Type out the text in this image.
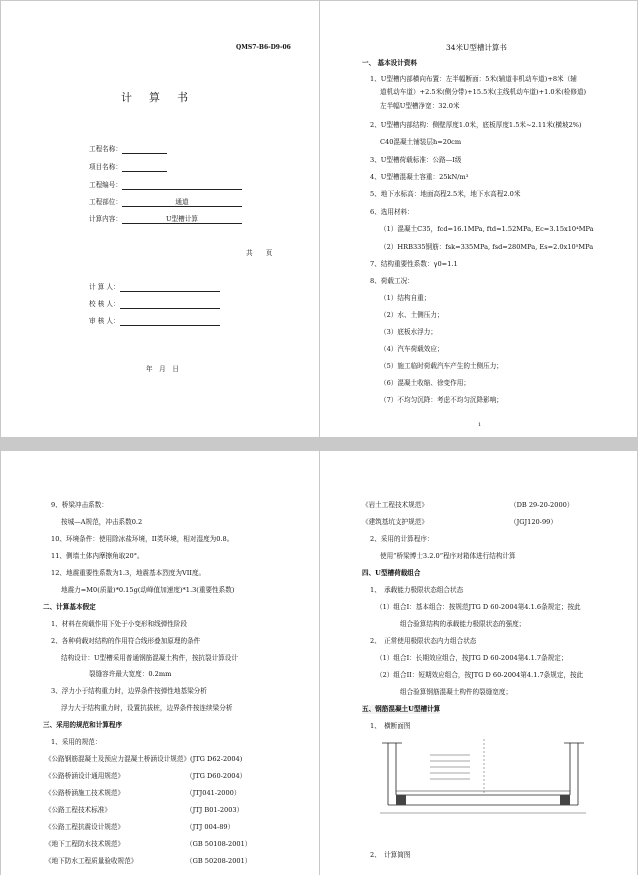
QMS7-B6-D9-06
计　算　书
工程名称：
项目名称：
工程编号：
工程部位：	通道
计算内容：	U型槽计算
共　　页
计 算 人：
校 核 人：
审 核 人：
年　月　日
34米U型槽计算书
一、 基本设计资料
1、U型槽内部横向布置：左半幅断面：5米(辅道非机动车道)+8米（辅
道机动车道）+2.5米(侧分带)+15.5米(主线机动车道)+1.0米(检修道)
左半幅U型槽净宽：32.0米
2、U型槽内部结构：侧壁厚度1.0米，底板厚度1.5米~2.11米(横坡2%)
C40混凝土铺装层h=20cm
3、U型槽荷载标准：公路—I级
4、U型槽混凝土容重：25kN/m³
5、地下水标高：地面高程2.5米，地下水高程2.0米
6、选用材料：
（1）混凝土C35，fcd=16.1MPa, ftd=1.52MPa, Ec=3.15x10⁴MPa
（2）HRB335钢筋：fsk=335MPa, fsd=280MPa, Es=2.0x10⁵MPa
7、结构重要性系数：γ0=1.1
8、荷载工况：
（1）结构自重；
（2）水、土侧压力；
（3）底板水浮力；
（4）汽车荷载效应；
（5）施工临时荷载汽车产生的土侧压力；
（6）混凝土收缩、徐变作用；
（7）不均匀沉降：考虑不均匀沉降影响；
1
9、桥梁冲击系数：
按城—A规范，冲击系数0.2
10、环境条件：使用除冰盐环境，II类环境，相对湿度为0.8。
11、侧墙土体内摩擦角取20°。
12、地震重要性系数为1.3，地震基本烈度为VII度。
地震力=M0(质量)*0.15g(动峰值加速度)*1.3(重要性系数)
二、计算基本假定
1、材料在荷载作用下处于小变形和线弹性阶段
2、各种荷载对结构的作用符合线形叠加原理的条件
结构设计：U型槽采用普通钢筋混凝土构件，按抗裂计算设计
裂缝容许最大宽度：0.2mm
3、浮力小于结构重力时，边界条件按弹性地基梁分析
浮力大于结构重力时，设置抗拔桩，边界条件按连续梁分析
三、采用的规范和计算程序
1、采用的规范：
《公路钢筋混凝土及预应力混凝土桥涵设计规范》(JTG D62-2004)
《公路桥涵设计通用规范》	（JTG D60-2004）
《公路桥涵施工技术规范》	（JTJ041-2000）
《公路工程技术标准》	（JTJ B01-2003）
《公路工程抗震设计规范》	（JTJ 004-89）
《地下工程防水技术规范》	（GB 50108-2001）
《地下防水工程质量验收规范》	（GB 50208-2001）
《岩土工程技术规范》	（DB 29-20-2000）
《建筑基坑支护规范》	（JGJ120-99）
2、采用的计算程序：
使用“桥梁博士3.2.0”程序对箱体进行结构计算
四、U型槽荷载组合
1、　承载能力极限状态组合状态
（1）组合I：基本组合：按规范JTG D 60-2004第4.1.6条规定；按此
组合验算结构的承载能力极限状态的强度；
2、　正常使用极限状态内力组合状态
（1）组合I：长期效应组合，按JTG D 60-2004第4.1.7条规定；
（2）组合II：短期效应组合，按JTG D 60-2004第4.1.7条规定，按此
组合验算钢筋混凝土构件的裂缝宽度；
五、钢筋混凝土U型槽计算
1、　横断面图
2、　计算简图
